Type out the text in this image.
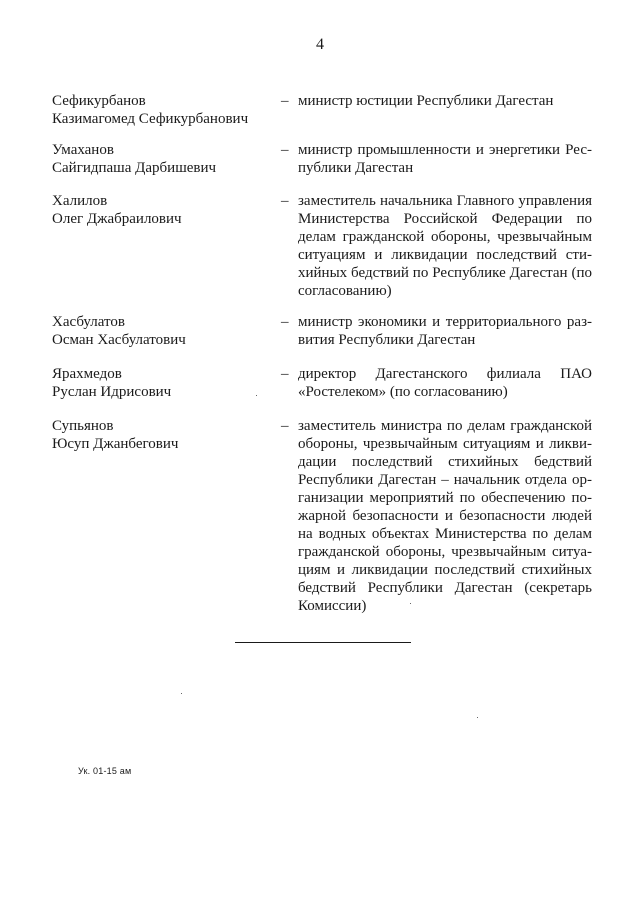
4
Сефикурбанов
Казимагомед Сефикурбанович
– министр юстиции Республики Дагестан
Умаханов
Сайгидпаша Дарбишевич
– министр промышленности и энергетики Республики Дагестан
Халилов
Олег Джабраилович
– заместитель начальника Главного управления Министерства Российской Федерации по делам гражданской обороны, чрезвычайным ситуациям и ликвидации последствий стихийных бедствий по Республике Дагестан (по согласованию)
Хасбулатов
Осман Хасбулатович
– министр экономики и территориального развития Республики Дагестан
Ярахмедов
Руслан Идрисович
– директор Дагестанского филиала ПАО «Ростелеком» (по согласованию)
Супьянов
Юсуп Джанбегович
– заместитель министра по делам гражданской обороны, чрезвычайным ситуациям и ликвидации последствий стихийных бедствий Республики Дагестан – начальник отдела организации мероприятий по обеспечению пожарной безопасности и безопасности людей на водных объектах Министерства по делам гражданской обороны, чрезвычайным ситуациям и ликвидации последствий стихийных бедствий Республики Дагестан (секретарь Комиссии)
Ук. 01-15 ам
